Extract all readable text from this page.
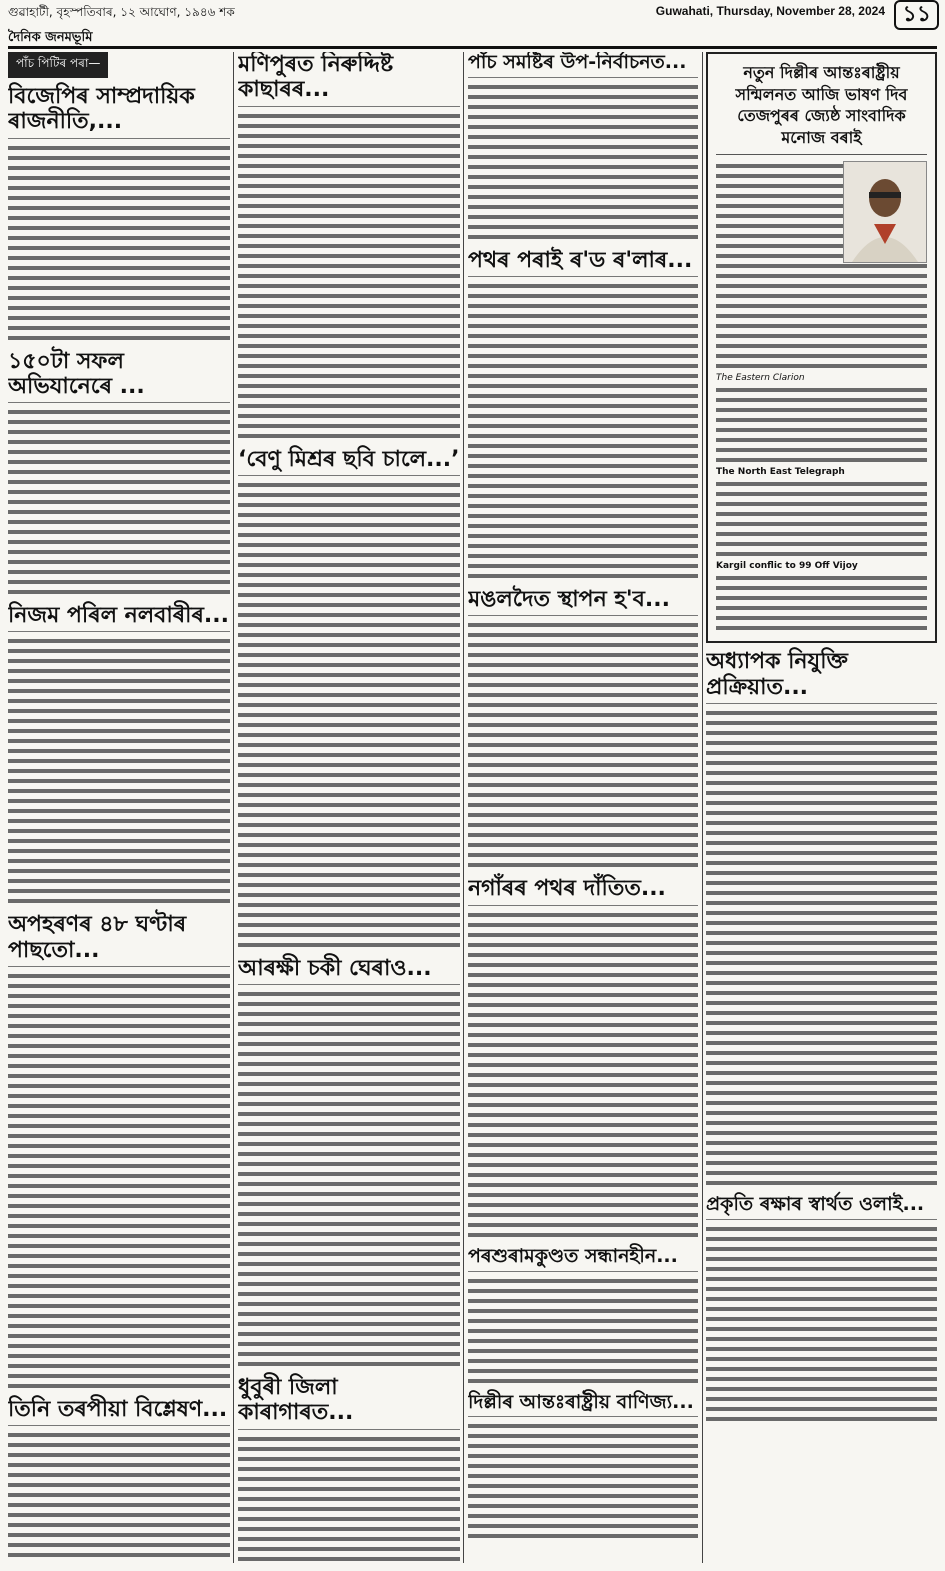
গুৱাহাটী, বৃহস্পতিবাৰ, ১২ আঘোণ, ১৯৪৬ শক	Guwahati, Thursday, November 28, 2024 ১১
দৈনিক জনমভূমি
পাঁচ পিটিৰ পৰা—
বিজেপিৰ সাম্প্ৰদায়িক ৰাজনীতি,...
১৫০টা সফল অভিযানেৰে ...
নিজম পৰিল নলবাৰীৰ...
অপহৰণৰ ৪৮ ঘণ্টাৰ পাছতো...
তিনি তৰপীয়া বিশ্লেষণ...
মণিপুৰত নিৰুদ্দিষ্ট কাছাৰৰ...
‘বেণু মিশ্ৰৰ ছবি চালে...’
আৰক্ষী চকী ঘেৰাও...
ধুবুৰী জিলা কাৰাগাৰত...
পাঁচ সমষ্টিৰ উপ-নিৰ্বাচনত...
পথৰ পৰাই ৰ'ড ৰ'লাৰ...
মঙলদৈত স্থাপন হ'ব...
নগাঁৰৰ পথৰ দাঁতিত...
পৰশুৰামকুণ্ডত সন্ধানহীন...
দিল্লীৰ আন্তঃৰাষ্ট্ৰীয় বাণিজ্য...
নতুন দিল্লীৰ আন্তঃৰাষ্ট্ৰীয় সন্মিলনত আজি ভাষণ দিব তেজপুৰৰ জ্যেষ্ঠ সাংবাদিক মনোজ বৰাই
The Eastern Clarion
The North East Telegraph
Kargil conflic to 99 Off Vijoy
অধ্যাপক নিযুক্তি প্ৰক্ৰিয়াত...
প্ৰকৃতি ৰক্ষাৰ স্বাৰ্থত ওলাই...
